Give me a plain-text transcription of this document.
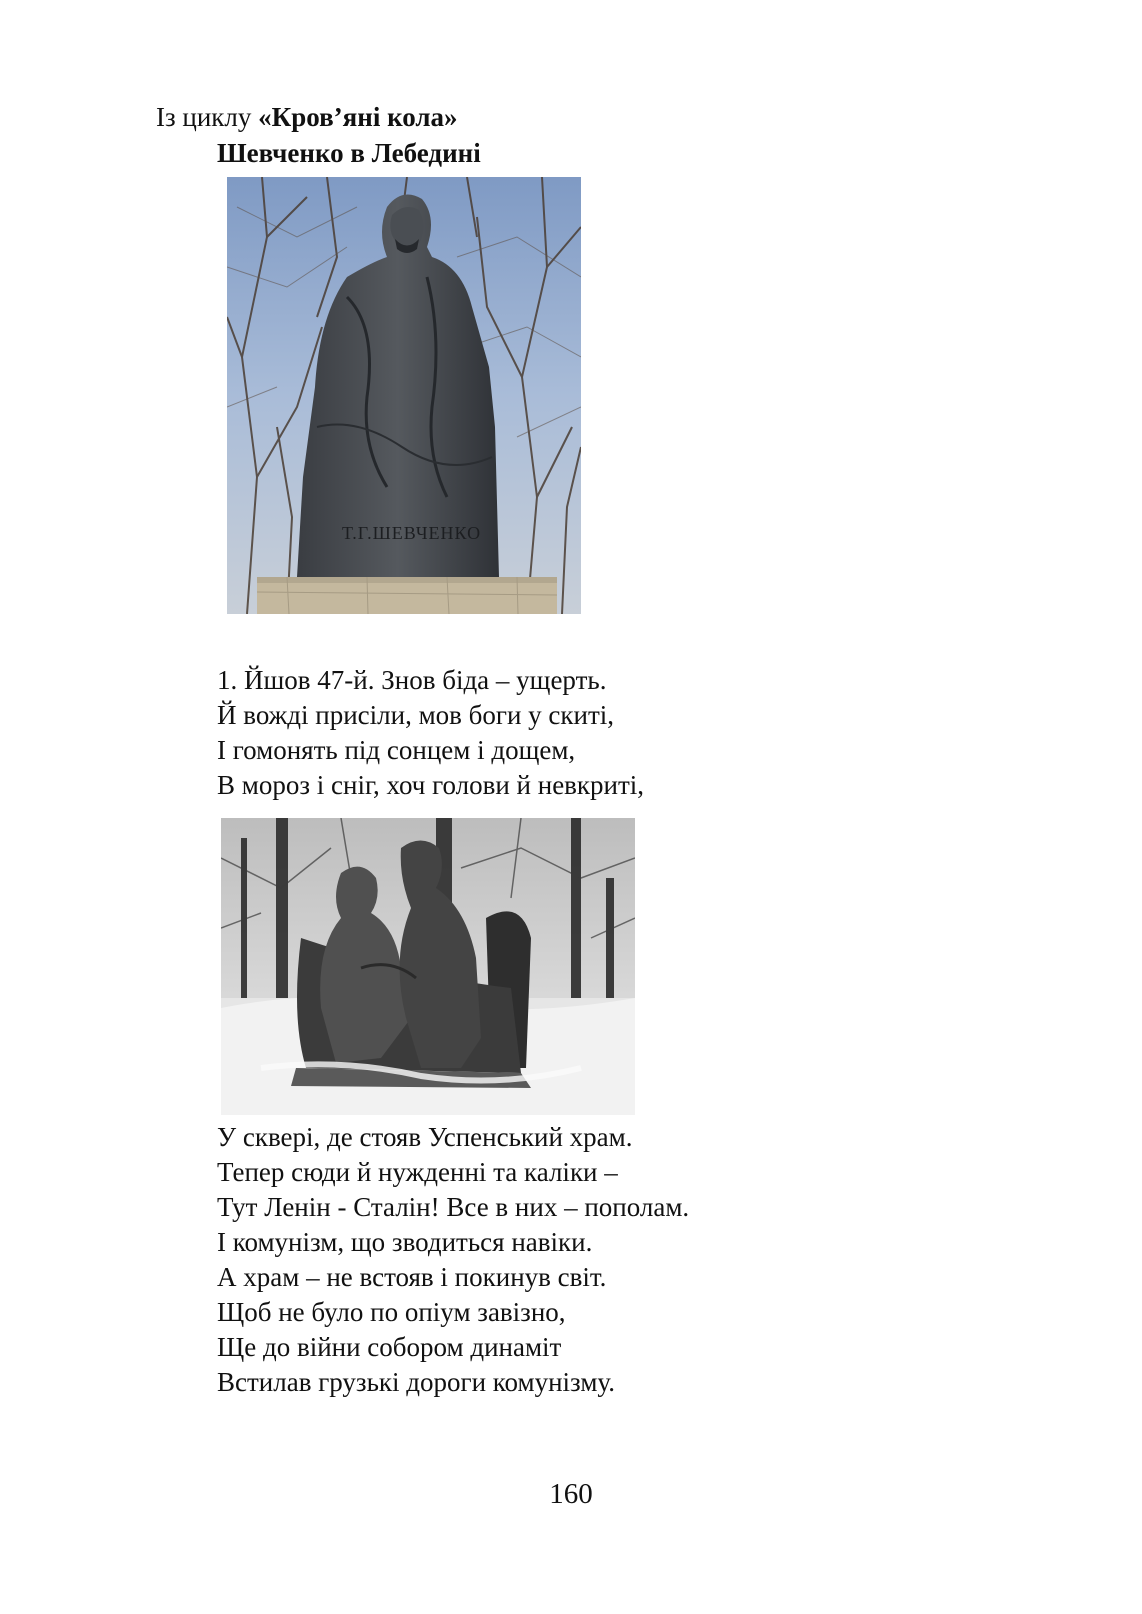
Із циклу «Кров’яні кола»
Шевченко в Лебедині
Т.Г.ШЕВЧЕНКО
1. Йшов 47-й. Знов біда – ущерть.
Й вожді присіли, мов боги у скиті,
І гомонять під сонцем і дощем,
В мороз і сніг, хоч голови й невкриті,
У сквері, де стояв Успенський храм.
Тепер сюди й нужденні та каліки –
Тут Ленін - Сталін! Все в них – пополам.
І комунізм, що зводиться навіки.
А храм – не встояв і покинув світ.
Щоб не було по опіум завізно,
Ще до війни собором динаміт
Встилав грузькі дороги комунізму.
160
